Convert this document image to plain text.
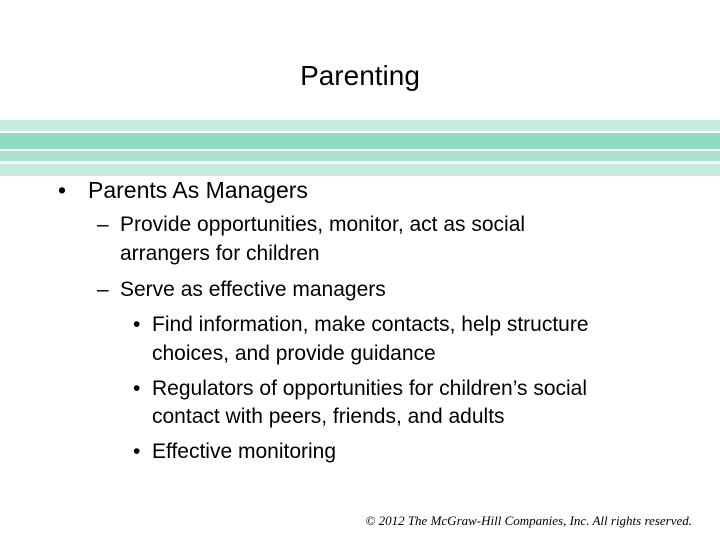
Parenting
• Parents As Managers
– Provide opportunities, monitor, act as social
arrangers for children
– Serve as effective managers
• Find information, make contacts, help structure
choices, and provide guidance
• Regulators of opportunities for children’s social
contact with peers, friends, and adults
• Effective monitoring
© 2012 The McGraw-Hill Companies, Inc. All rights reserved.
